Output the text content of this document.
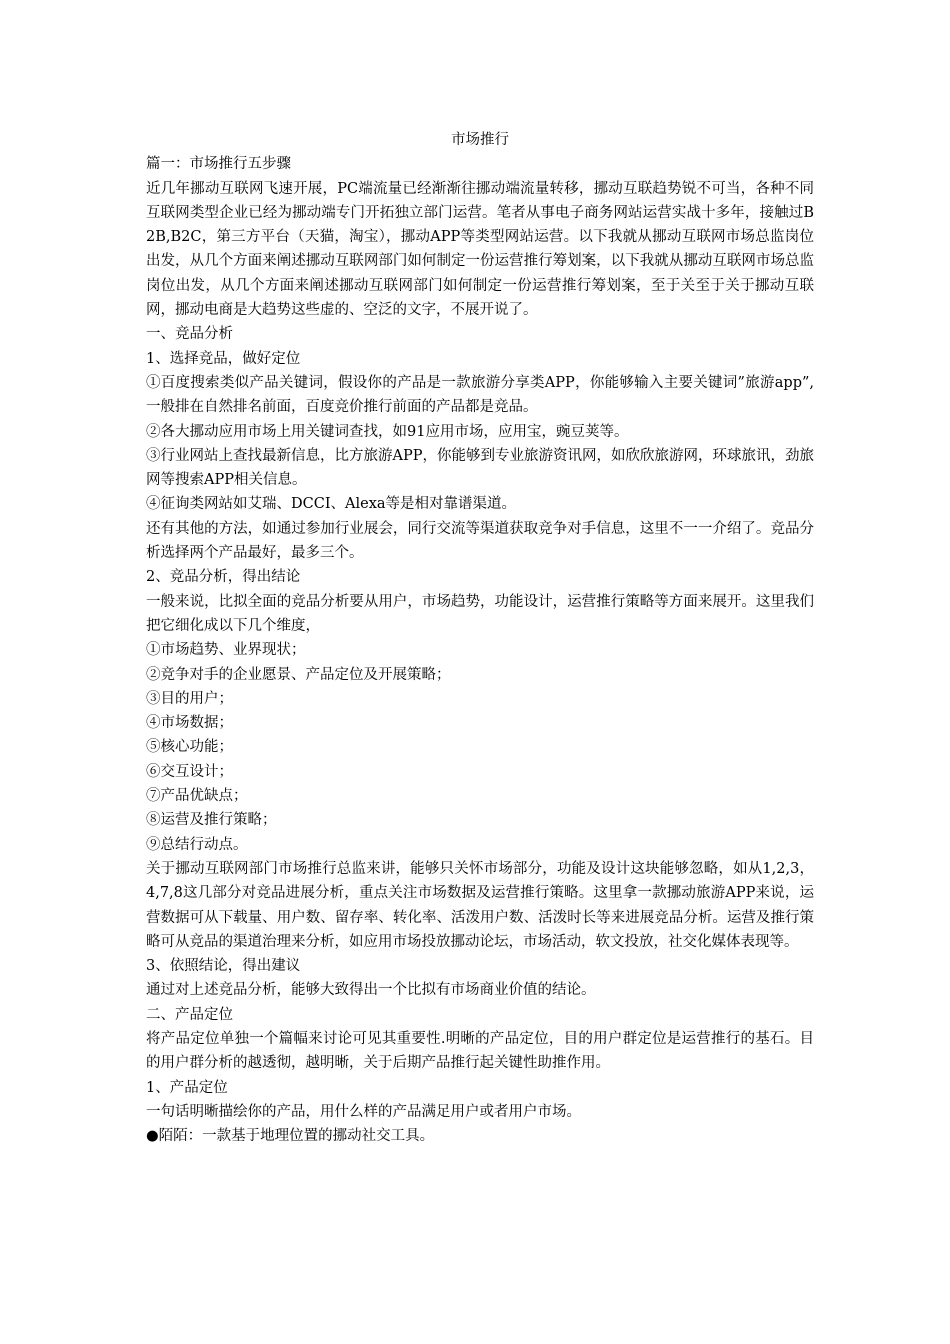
市场推行

篇一：市场推行五步骤

近几年挪动互联网飞速开展，PC端流量已经渐渐往挪动端流量转移，挪动互联趋势锐不可当，各种不同互联网类型企业已经为挪动端专门开拓独立部门运营。笔者从事电子商务网站运营实战十多年，接触过B2B,B2C，第三方平台（天猫，淘宝），挪动APP等类型网站运营。以下我就从挪动互联网市场总监岗位出发，从几个方面来阐述挪动互联网部门如何制定一份运营推行筹划案，以下我就从挪动互联网市场总监岗位出发，从几个方面来阐述挪动互联网部门如何制定一份运营推行筹划案，至于关至于关于挪动互联网，挪动电商是大趋势这些虚的、空泛的文字，不展开说了。

一、竞品分析

1、选择竞品，做好定位

①百度搜索类似产品关键词，假设你的产品是一款旅游分享类APP，你能够输入主要关键词”旅游app”,一般排在自然排名前面，百度竞价推行前面的产品都是竞品。

②各大挪动应用市场上用关键词查找，如91应用市场，应用宝，豌豆荚等。

③行业网站上查找最新信息，比方旅游APP，你能够到专业旅游资讯网，如欣欣旅游网，环球旅讯，劲旅网等搜索APP相关信息。

④征询类网站如艾瑞、DCCI、Alexa等是相对靠谱渠道。

还有其他的方法，如通过参加行业展会，同行交流等渠道获取竞争对手信息，这里不一一介绍了。竞品分析选择两个产品最好，最多三个。

2、竞品分析，得出结论

一般来说，比拟全面的竞品分析要从用户，市场趋势，功能设计，运营推行策略等方面来展开。这里我们把它细化成以下几个维度，

①市场趋势、业界现状；

②竞争对手的企业愿景、产品定位及开展策略；

③目的用户；

④市场数据；

⑤核心功能；

⑥交互设计；

⑦产品优缺点；

⑧运营及推行策略；

⑨总结行动点。

关于挪动互联网部门市场推行总监来讲，能够只关怀市场部分，功能及设计这块能够忽略，如从1,2,3，4,7,8这几部分对竞品进展分析，重点关注市场数据及运营推行策略。这里拿一款挪动旅游APP来说，运营数据可从下载量、用户数、留存率、转化率、活泼用户数、活泼时长等来进展竞品分析。运营及推行策略可从竞品的渠道治理来分析，如应用市场投放挪动论坛，市场活动，软文投放，社交化媒体表现等。

3、依照结论，得出建议

通过对上述竞品分析，能够大致得出一个比拟有市场商业价值的结论。

二、产品定位

将产品定位单独一个篇幅来讨论可见其重要性.明晰的产品定位，目的用户群定位是运营推行的基石。目的用户群分析的越透彻，越明晰，关于后期产品推行起关键性助推作用。

1、产品定位

一句话明晰描绘你的产品，用什么样的产品满足用户或者用户市场。

●陌陌：一款基于地理位置的挪动社交工具。
